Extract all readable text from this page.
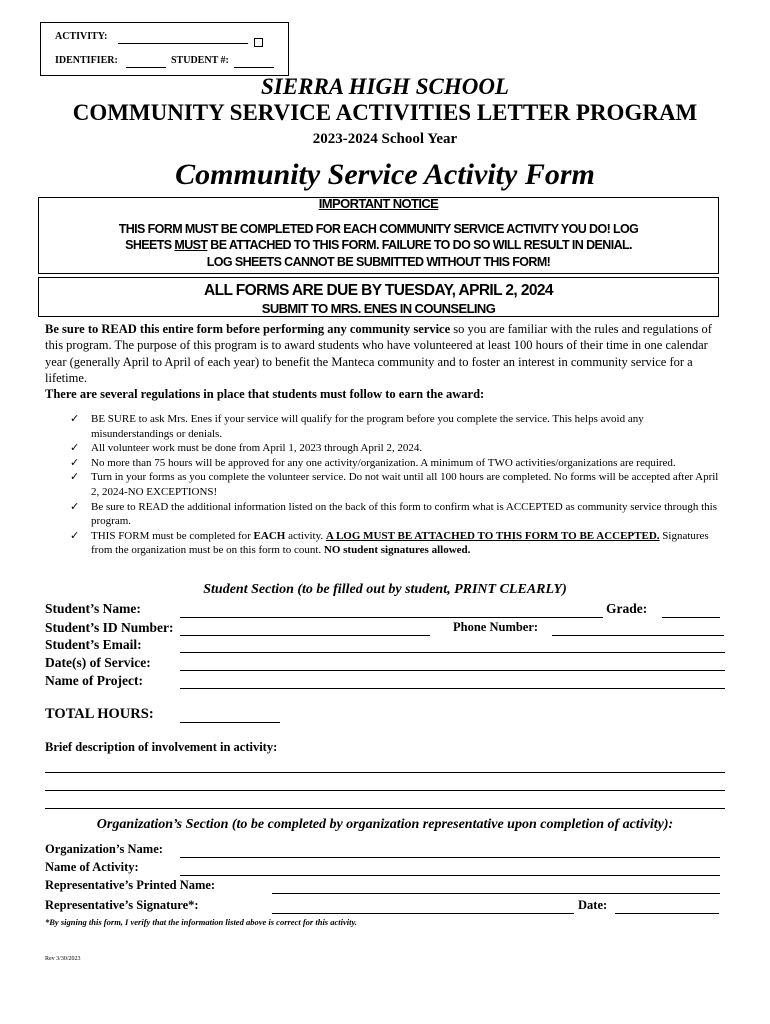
ACTIVITY:
IDENTIFIER:	STUDENT #:
SIERRA HIGH SCHOOL
COMMUNITY SERVICE ACTIVITIES LETTER PROGRAM
2023-2024 School Year
Community Service Activity Form
IMPORTANT NOTICE
THIS FORM MUST BE COMPLETED FOR EACH COMMUNITY SERVICE ACTIVITY YOU DO! LOG
SHEETS MUST BE ATTACHED TO THIS FORM. FAILURE TO DO SO WILL RESULT IN DENIAL.
LOG SHEETS CANNOT BE SUBMITTED WITHOUT THIS FORM!
ALL FORMS ARE DUE BY TUESDAY, APRIL 2, 2024
SUBMIT TO MRS. ENES IN COUNSELING
Be sure to READ this entire form before performing any community service so you are familiar with the rules and regulations of this program. The purpose of this program is to award students who have volunteered at least 100 hours of their time in one calendar year (generally April to April of each year) to benefit the Manteca community and to foster an interest in community service for a lifetime.
There are several regulations in place that students must follow to earn the award:
✓ BE SURE to ask Mrs. Enes if your service will qualify for the program before you complete the service. This helps avoid any misunderstandings or denials.
✓ All volunteer work must be done from April 1, 2023 through April 2, 2024.
✓ No more than 75 hours will be approved for any one activity/organization. A minimum of TWO activities/organizations are required.
✓ Turn in your forms as you complete the volunteer service. Do not wait until all 100 hours are completed. No forms will be accepted after April 2, 2024-NO EXCEPTIONS!
✓ Be sure to READ the additional information listed on the back of this form to confirm what is ACCEPTED as community service through this program.
✓ THIS FORM must be completed for EACH activity. A LOG MUST BE ATTACHED TO THIS FORM TO BE ACCEPTED. Signatures from the organization must be on this form to count. NO student signatures allowed.
Student Section (to be filled out by student, PRINT CLEARLY)
Student’s Name:	Grade:
Student’s ID Number:	Phone Number:
Student’s Email:
Date(s) of Service:
Name of Project:
TOTAL HOURS:
Brief description of involvement in activity:
Organization’s Section (to be completed by organization representative upon completion of activity):
Organization’s Name:
Name of Activity:
Representative’s Printed Name:
Representative’s Signature*:	Date:
*By signing this form, I verify that the information listed above is correct for this activity.
Rev 3/30/2023
